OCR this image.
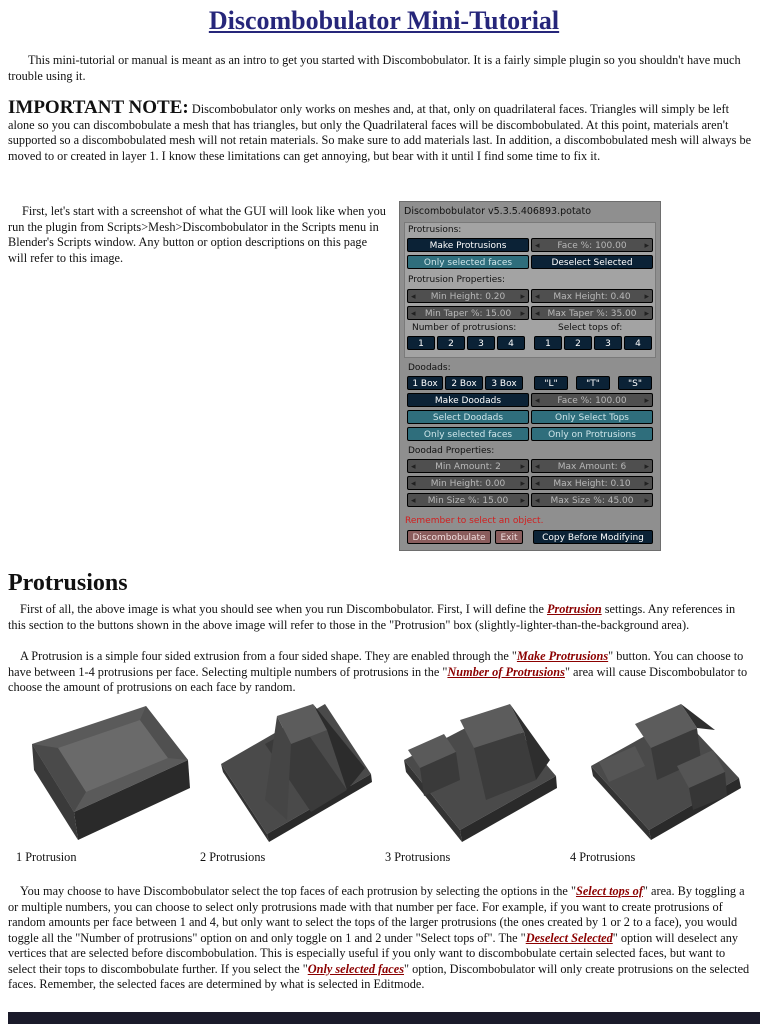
Discombobulator Mini-Tutorial

This mini-tutorial or manual is meant as an intro to get you started with Discombobulator. It is a fairly simple plugin so you shouldn't have much trouble using it.

IMPORTANT NOTE: Discombobulator only works on meshes and, at that, only on quadrilateral faces. Triangles will simply be left alone so you can discombobulate a mesh that has triangles, but only the Quadrilateral faces will be discombobulated. At this point, materials aren't supported so a discombobulated mesh will not retain materials. So make sure to add materials last. In addition, a discombobulated mesh will always be moved to or created in layer 1. I know these limitations can get annoying, but bear with it until I find some time to fix it.

First, let's start with a screenshot of what the GUI will look like when you run the plugin from Scripts>Mesh>Discombobulator in the Scripts menu in Blender's Scripts window. Any button or option descriptions on this page will refer to this image.

Discombobulator v5.3.5.406893.potato
Protrusions:
Make Protrusions	◂ Face %: 100.00 ▸
Only selected faces	Deselect Selected
Protrusion Properties:
◂ Min Height: 0.20 ▸	◂ Max Height: 0.40 ▸
◂ Min Taper %: 15.00 ▸	◂ Max Taper %: 35.00 ▸
Number of protrusions:	Select tops of:
1	2	3	4	1	2	3	4
Doodads:
1 Box	2 Box	3 Box	"L"	"T"	"S"
Make Doodads	◂ Face %: 100.00 ▸
Select Doodads	Only Select Tops
Only selected faces	Only on Protrusions
Doodad Properties:
◂ Min Amount: 2 ▸	◂ Max Amount: 6 ▸
◂ Min Height: 0.00 ▸	◂ Max Height: 0.10 ▸
◂ Min Size %: 15.00 ▸	◂ Max Size %: 45.00 ▸
Remember to select an object.
Discombobulate	Exit	Copy Before Modifying
Protrusions

First of all, the above image is what you should see when you run Discombobulator. First, I will define the Protrusion settings. Any references in this section to the buttons shown in the above image will refer to those in the "Protrusion" box (slightly-lighter-than-the-background area).

A Protrusion is a simple four sided extrusion from a four sided shape. They are enabled through the "Make Protrusions" button. You can choose to have between 1-4 protrusions per face. Selecting multiple numbers of protrusions in the "Number of Protrusions" area will cause Discombobulator to choose the amount of protrusions on each face by random.

1 Protrusion	2 Protrusions	3 Protrusions	4 Protrusions

You may choose to have Discombobulator select the top faces of each protrusion by selecting the options in the "Select tops of" area. By toggling a or multiple numbers, you can choose to select only protrusions made with that number per face. For example, if you want to create protrusions of random amounts per face between 1 and 4, but only want to select the tops of the larger protrusions (the ones created by 1 or 2 to a face), you would toggle all the "Number of protrusions" option on and only toggle on 1 and 2 under "Select tops of". The "Deselect Selected" option will deselect any vertices that are selected before discombobulation. This is especially useful if you only want to discombobulate certain selected faces, but want to select their tops to discombobulate further. If you select the "Only selected faces" option, Discombobulator will only create protrusions on the selected faces. Remember, the selected faces are determined by what is selected in Editmode.
